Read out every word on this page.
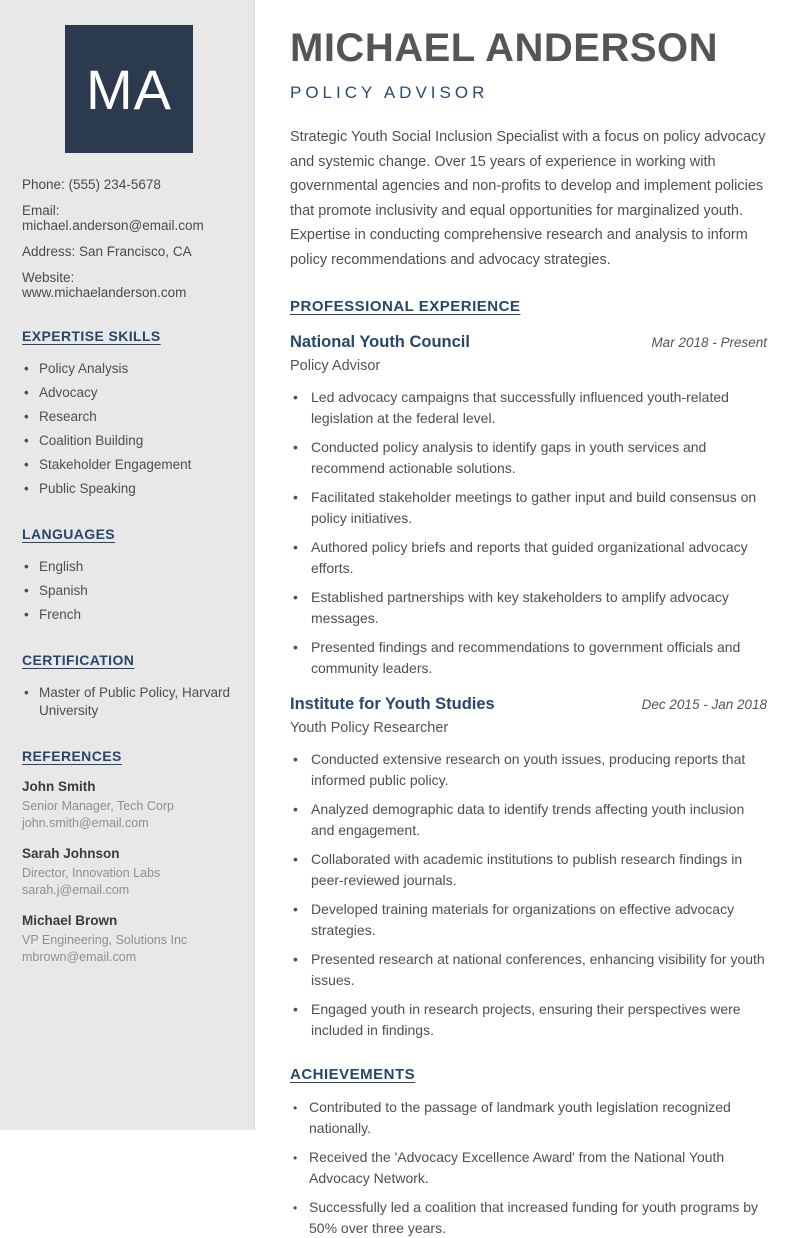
MA

Phone: (555) 234-5678

Email: michael.anderson@email.com

Address: San Francisco, CA

Website: www.michaelanderson.com

EXPERTISE SKILLS
• Policy Analysis
• Advocacy
• Research
• Coalition Building
• Stakeholder Engagement
• Public Speaking
LANGUAGES
• English
• Spanish
• French
CERTIFICATION
• Master of Public Policy, Harvard University
REFERENCES
John Smith
Senior Manager, Tech Corp
john.smith@email.com
Sarah Johnson
Director, Innovation Labs
sarah.j@email.com
Michael Brown
VP Engineering, Solutions Inc
mbrown@email.com
MICHAEL ANDERSON
POLICY ADVISOR

Strategic Youth Social Inclusion Specialist with a focus on policy advocacy and systemic change. Over 15 years of experience in working with governmental agencies and non-profits to develop and implement policies that promote inclusivity and equal opportunities for marginalized youth. Expertise in conducting comprehensive research and analysis to inform policy recommendations and advocacy strategies.

PROFESSIONAL EXPERIENCE
National Youth Council	Mar 2018 - Present
Policy Advisor
• Led advocacy campaigns that successfully influenced youth-related legislation at the federal level.
• Conducted policy analysis to identify gaps in youth services and recommend actionable solutions.
• Facilitated stakeholder meetings to gather input and build consensus on policy initiatives.
• Authored policy briefs and reports that guided organizational advocacy efforts.
• Established partnerships with key stakeholders to amplify advocacy messages.
• Presented findings and recommendations to government officials and community leaders.
Institute for Youth Studies	Dec 2015 - Jan 2018
Youth Policy Researcher
• Conducted extensive research on youth issues, producing reports that informed public policy.
• Analyzed demographic data to identify trends affecting youth inclusion and engagement.
• Collaborated with academic institutions to publish research findings in peer-reviewed journals.
• Developed training materials for organizations on effective advocacy strategies.
• Presented research at national conferences, enhancing visibility for youth issues.
• Engaged youth in research projects, ensuring their perspectives were included in findings.
ACHIEVEMENTS
• Contributed to the passage of landmark youth legislation recognized nationally.
• Received the 'Advocacy Excellence Award' from the National Youth Advocacy Network.
• Successfully led a coalition that increased funding for youth programs by 50% over three years.
